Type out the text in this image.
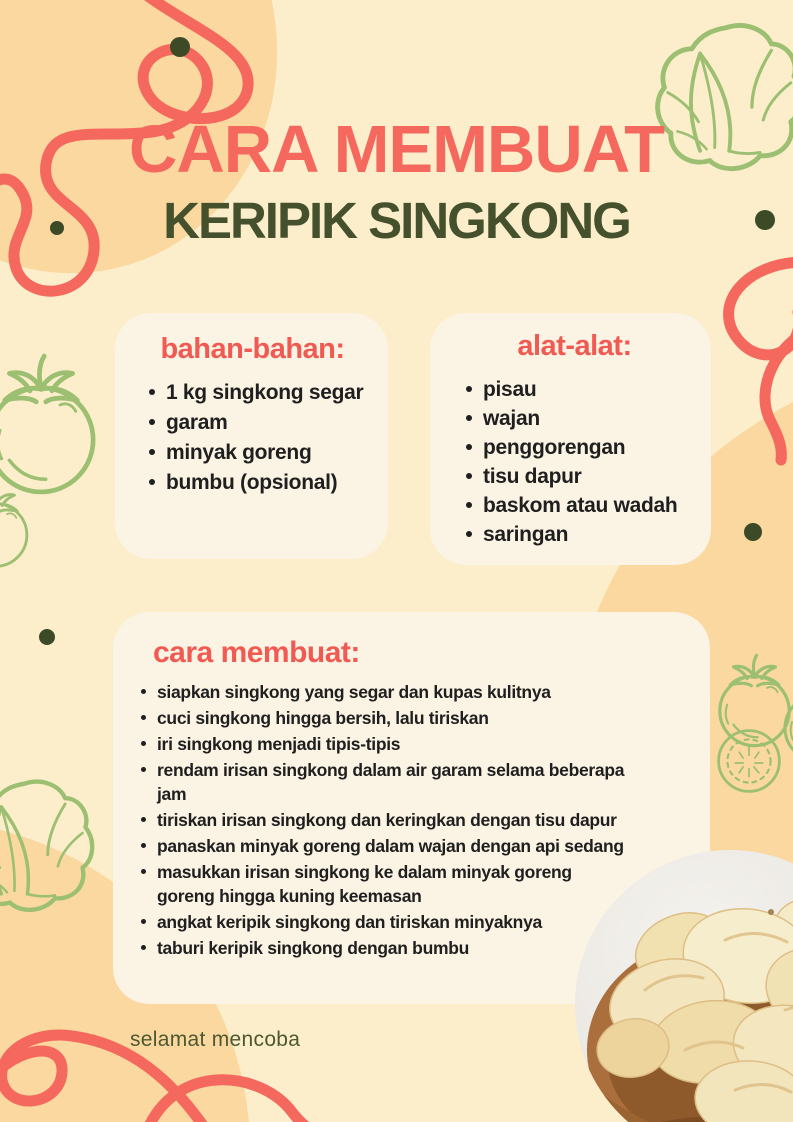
CARA MEMBUAT
KERIPIK SINGKONG
bahan-bahan:
1 kg singkong segar
garam
minyak goreng
bumbu (opsional)
alat-alat:
pisau
wajan
penggorengan
tisu dapur
baskom atau wadah
saringan
cara membuat:
siapkan singkong yang segar dan kupas kulitnya
cuci singkong hingga bersih, lalu tiriskan
iri singkong menjadi tipis-tipis
rendam irisan singkong dalam air garam selama beberapa jam
tiriskan irisan singkong dan keringkan dengan tisu dapur
panaskan minyak goreng dalam wajan dengan api sedang
masukkan irisan singkong ke dalam minyak goreng goreng hingga kuning keemasan
angkat keripik singkong dan tiriskan minyaknya
taburi keripik singkong dengan bumbu
selamat mencoba
